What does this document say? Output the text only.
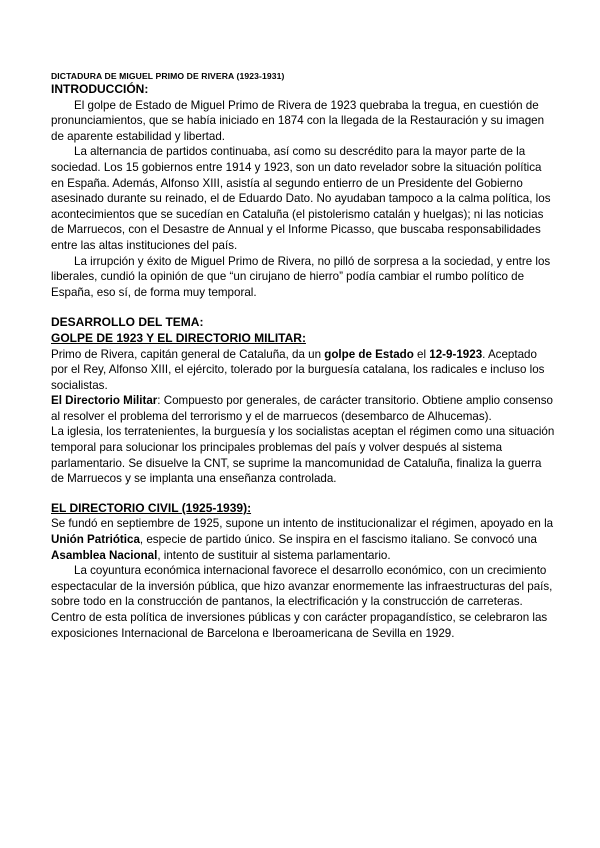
DICTADURA DE MIGUEL PRIMO DE RIVERA (1923-1931)

INTRODUCCIÓN:

El golpe de Estado de Miguel Primo de Rivera de 1923 quebraba la tregua, en cuestión de pronunciamientos, que se había iniciado en 1874 con la llegada de la Restauración y su imagen de aparente estabilidad y libertad.

La alternancia de partidos continuaba, así como su descrédito para la mayor parte de la sociedad. Los 15 gobiernos entre 1914 y 1923, son un dato revelador sobre la situación política en España. Además, Alfonso XIII, asistía al segundo entierro de un Presidente del Gobierno asesinado durante su reinado, el de Eduardo Dato. No ayudaban tampoco a la calma política, los acontecimientos que se sucedían en Cataluña (el pistolerismo catalán y huelgas); ni las noticias de Marruecos, con el Desastre de Annual y el Informe Picasso, que buscaba responsabilidades entre las altas instituciones del país.

La irrupción y éxito de Miguel Primo de Rivera, no pilló de sorpresa a la sociedad, y entre los liberales, cundió la opinión de que “un cirujano de hierro” podía cambiar el rumbo político de España, eso sí, de forma muy temporal.

DESARROLLO DEL TEMA:

GOLPE DE 1923 Y EL DIRECTORIO MILITAR:

Primo de Rivera, capitán general de Cataluña, da un golpe de Estado el 12-9-1923. Aceptado por el Rey, Alfonso XIII, el ejército, tolerado por la burguesía catalana, los radicales e incluso los socialistas.

El Directorio Militar: Compuesto por generales, de carácter transitorio. Obtiene amplio consenso al resolver el problema del terrorismo y el de marruecos (desembarco de Alhucemas).

La iglesia, los terratenientes, la burguesía y los socialistas aceptan el régimen como una situación temporal para solucionar los principales problemas del país y volver después al sistema parlamentario. Se disuelve la CNT, se suprime la mancomunidad de Cataluña, finaliza la guerra de Marruecos y se implanta una enseñanza controlada.

EL DIRECTORIO CIVIL (1925-1939):

Se fundó en septiembre de 1925, supone un intento de institucionalizar el régimen, apoyado en la Unión Patriótica, especie de partido único. Se inspira en el fascismo italiano. Se convocó una Asamblea Nacional, intento de sustituir al sistema parlamentario.

La coyuntura económica internacional favorece el desarrollo económico, con un crecimiento espectacular de la inversión pública, que hizo avanzar enormemente las infraestructuras del país, sobre todo en la construcción de pantanos, la electrificación y la construcción de carreteras. Centro de esta política de inversiones públicas y con carácter propagandístico, se celebraron las exposiciones Internacional de Barcelona e Iberoamericana de Sevilla en 1929.
